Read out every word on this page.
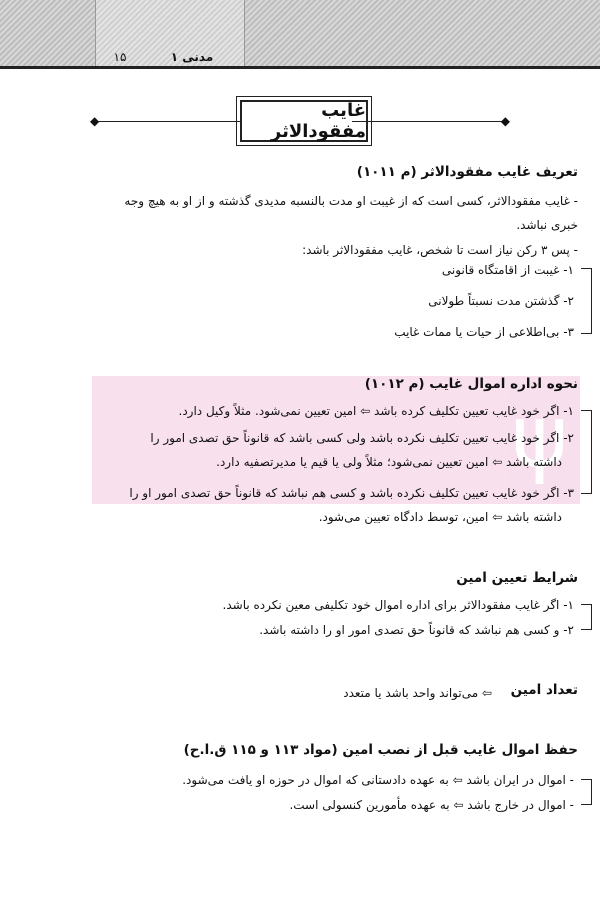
۱۵	مدنی ۱
◆	غایب مفقودالاثر	◆
ψ
تعریف غایب مفقودالاثر (م ۱۰۱۱)
- غایب مفقودالاثر، کسی است که از غیبت او مدت بالنسبه مدیدی گذشته و از او به هیچ وجه
خبری نباشد.
- پس ۳ رکن نیاز است تا شخص، غایب مفقودالاثر باشد:
۱- غیبت از اقامتگاه قانونی
۲- گذشتن مدت نسبتاً طولانی
۳- بی‌اطلاعی از حیات یا ممات غایب
نحوه اداره اموال غایب (م ۱۰۱۲)
۱- اگر خود غایب تعیین تکلیف کرده باشد ⇦ امین تعیین نمی‌شود. مثلاً وکیل دارد.
۲- اگر خود غایب تعیین تکلیف نکرده باشد ولی کسی باشد که قانوناً حق تصدی امور را
داشته باشد ⇦ امین تعیین نمی‌شود؛ مثلاً ولی یا قیم یا مدیرتصفیه دارد.
۳- اگر خود غایب تعیین تکلیف نکرده باشد و کسی هم نباشد که قانوناً حق تصدی امور او را
داشته باشد ⇦ امین، توسط دادگاه تعیین می‌شود.
شرایط تعیین امین
۱- اگر غایب مفقودالاثر برای اداره اموال خود تکلیفی معین نکرده باشد.
۲- و کسی هم نباشد که قانوناً حق تصدی امور او را داشته باشد.
تعداد امین
⇦ می‌تواند واحد باشد یا متعدد
حفظ اموال غایب قبل از نصب امین (مواد ۱۱۳ و ۱۱۵ ق.ا.ح)
- اموال در ایران باشد ⇦ به عهده دادستانی که اموال در حوزه او یافت می‌شود.
- اموال در خارج باشد ⇦ به عهده مأمورین کنسولی است.
